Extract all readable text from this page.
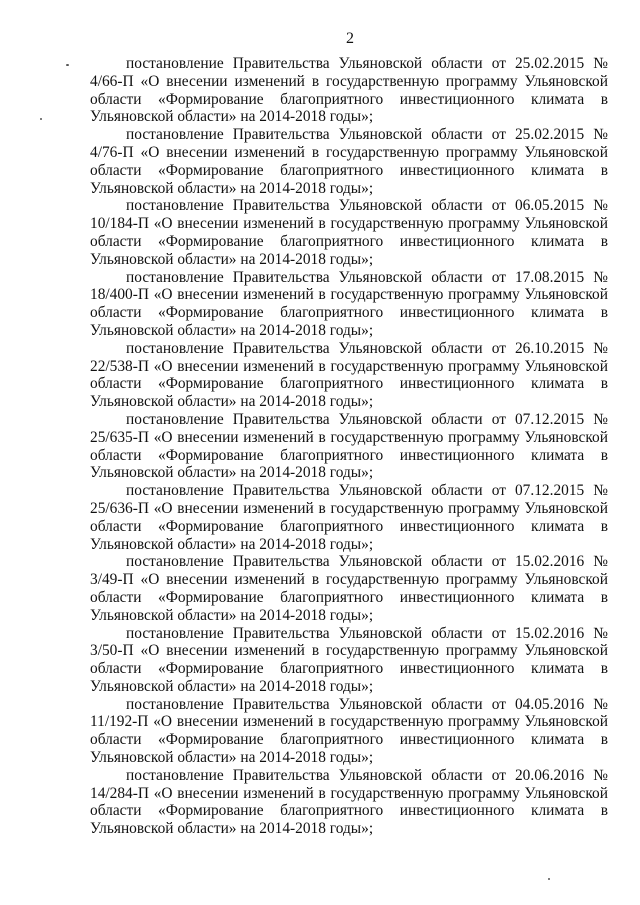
2

постановление Правительства Ульяновской области от 25.02.2015 № 4/66-П «О внесении изменений в государственную программу Ульяновской области «Формирование благоприятного инвестиционного климата в Ульяновской области» на 2014-2018 годы»;

постановление Правительства Ульяновской области от 25.02.2015 № 4/76-П «О внесении изменений в государственную программу Ульяновской области «Формирование благоприятного инвестиционного климата в Ульяновской области» на 2014-2018 годы»;

постановление Правительства Ульяновской области от 06.05.2015 № 10/184-П «О внесении изменений в государственную программу Ульяновской области «Формирование благоприятного инвестиционного климата в Ульяновской области» на 2014-2018 годы»;

постановление Правительства Ульяновской области от 17.08.2015 № 18/400-П «О внесении изменений в государственную программу Ульяновской области «Формирование благоприятного инвестиционного климата в Ульяновской области» на 2014-2018 годы»;

постановление Правительства Ульяновской области от 26.10.2015 № 22/538-П «О внесении изменений в государственную программу Ульяновской области «Формирование благоприятного инвестиционного климата в Ульяновской области» на 2014-2018 годы»;

постановление Правительства Ульяновской области от 07.12.2015 № 25/635-П «О внесении изменений в государственную программу Ульяновской области «Формирование благоприятного инвестиционного климата в Ульяновской области» на 2014-2018 годы»;

постановление Правительства Ульяновской области от 07.12.2015 № 25/636-П «О внесении изменений в государственную программу Ульяновской области «Формирование благоприятного инвестиционного климата в Ульяновской области» на 2014-2018 годы»;

постановление Правительства Ульяновской области от 15.02.2016 № 3/49-П «О внесении изменений в государственную программу Ульяновской области «Формирование благоприятного инвестиционного климата в Ульяновской области» на 2014-2018 годы»;

постановление Правительства Ульяновской области от 15.02.2016 № 3/50-П «О внесении изменений в государственную программу Ульяновской области «Формирование благоприятного инвестиционного климата в Ульяновской области» на 2014-2018 годы»;

постановление Правительства Ульяновской области от 04.05.2016 № 11/192-П «О внесении изменений в государственную программу Ульяновской области «Формирование благоприятного инвестиционного климата в Ульяновской области» на 2014-2018 годы»;

постановление Правительства Ульяновской области от 20.06.2016 № 14/284-П «О внесении изменений в государственную программу Ульяновской области «Формирование благоприятного инвестиционного климата в Ульяновской области» на 2014-2018 годы»;
